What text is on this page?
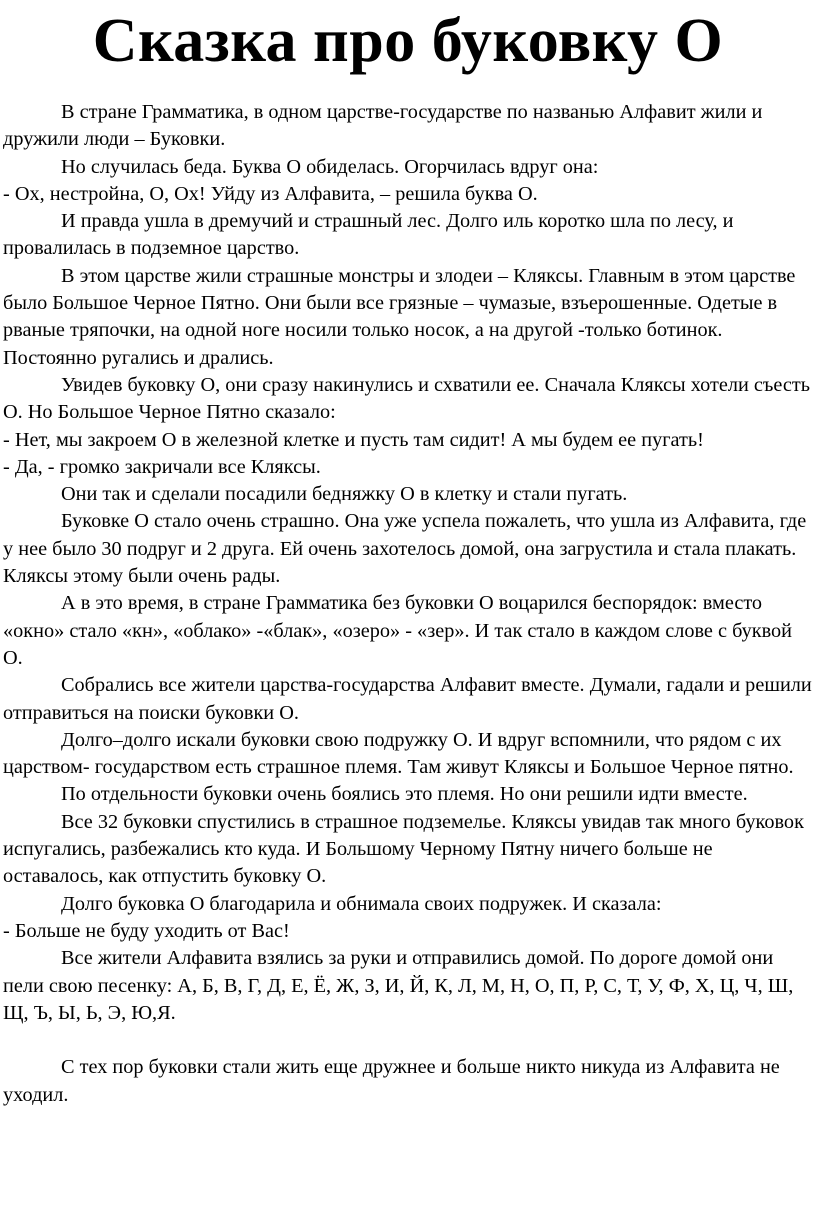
Сказка про буковку О

В стране Грамматика, в одном царстве-государстве по названью Алфавит жили и дружили люди – Буковки.

Но случилась беда. Буква О обиделась. Огорчилась вдруг она:

- Ох, нестройна, О, Ох! Уйду из Алфавита, – решила буква О.

И правда ушла в дремучий и страшный лес. Долго иль коротко шла по лесу, и провалилась в подземное царство.

В этом царстве жили страшные монстры и злодеи – Кляксы. Главным в этом царстве было Большое Черное Пятно. Они были все грязные – чумазые, взъерошенные. Одетые в рваные тряпочки, на одной ноге носили только носок, а на другой -только ботинок. Постоянно ругались и дрались.

Увидев буковку О, они сразу накинулись и схватили ее. Сначала Кляксы хотели съесть О. Но Большое Черное Пятно сказало:

- Нет, мы закроем О в железной клетке и пусть там сидит! А мы будем ее пугать!

- Да, - громко закричали все Кляксы.

Они так и сделали посадили бедняжку О в клетку и стали пугать.

Буковке О стало очень страшно. Она уже успела пожалеть, что ушла из Алфавита, где у нее было 30 подруг и 2 друга. Ей очень захотелось домой, она загрустила и стала плакать. Кляксы этому были очень рады.

А в это время, в стране Грамматика без буковки О воцарился беспорядок: вместо «окно» стало «кн», «облако» -«блак», «озеро» - «зер». И так стало в каждом слове с буквой О.

Собрались все жители царства-государства Алфавит вместе. Думали, гадали и решили отправиться на поиски буковки О.

Долго–долго искали буковки свою подружку О. И вдруг вспомнили, что рядом с их царством- государством есть страшное племя. Там живут Кляксы и Большое Черное пятно.

По отдельности буковки очень боялись это племя. Но они решили идти вместе.

Все 32 буковки спустились в страшное подземелье. Кляксы увидав так много буковок испугались, разбежались кто куда. И Большому Черному Пятну ничего больше не оставалось, как отпустить буковку О.

Долго буковка О благодарила и обнимала своих подружек. И сказала:

- Больше не буду уходить от Вас!

Все жители Алфавита взялись за руки и отправились домой. По дороге домой они пели свою песенку: А, Б, В, Г, Д, Е, Ё, Ж, З, И, Й, К, Л, М, Н, О, П, Р, С, Т, У, Ф, Х, Ц, Ч, Ш, Щ, Ъ, Ы, Ь, Э, Ю,Я.

С тех пор буковки стали жить еще дружнее и больше никто никуда из Алфавита не уходил.
